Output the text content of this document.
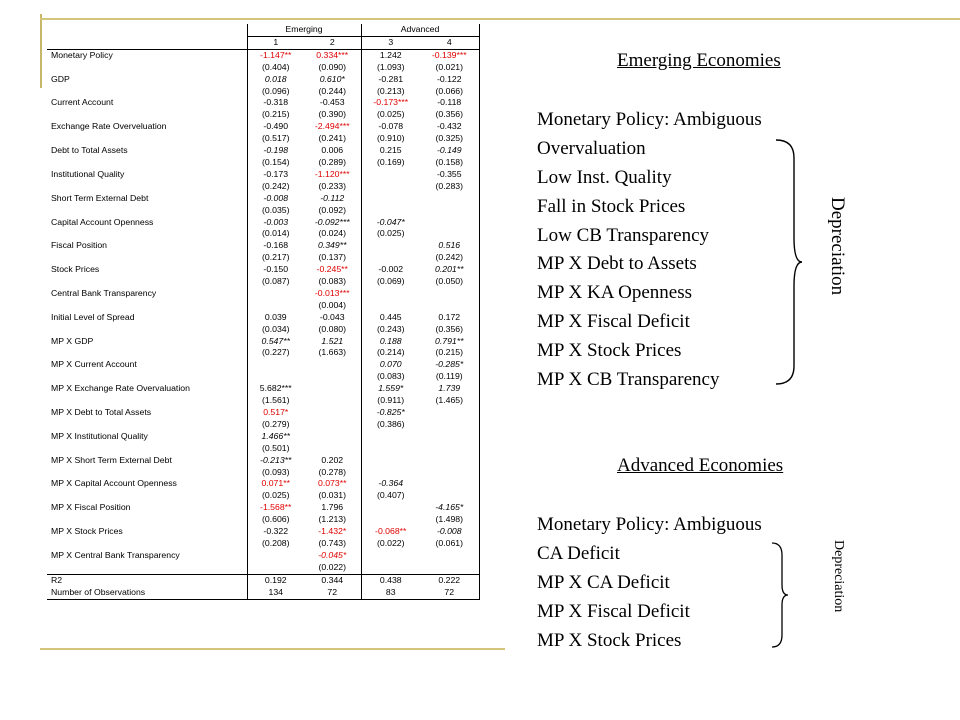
	Emerging		Advanced	
	1	2	3	4
Monetary Policy	-1.147**	0.334***	1.242	-0.139***
	(0.404)	(0.090)	(1.093)	(0.021)
GDP	0.018	0.610*	-0.281	-0.122
	(0.096)	(0.244)	(0.213)	(0.066)
Current Account	-0.318	-0.453	-0.173***	-0.118
	(0.215)	(0.390)	(0.025)	(0.356)
Exchange Rate Overveluation	-0.490	-2.494***	-0.078	-0.432
	(0.517)	(0.241)	(0.910)	(0.325)
Debt to Total Assets	-0.198	0.006	0.215	-0.149
	(0.154)	(0.289)	(0.169)	(0.158)
Institutional Quality	-0.173	-1.120***		-0.355
	(0.242)	(0.233)		(0.283)
Short Term External Debt	-0.008	-0.112		
	(0.035)	(0.092)		
Capital Account Openness	-0.003	-0.092***	-0.047*	
	(0.014)	(0.024)	(0.025)	
Fiscal Position	-0.168	0.349**		0.516
	(0.217)	(0.137)		(0.242)
Stock Prices	-0.150	-0.245**	-0.002	0.201**
	(0.087)	(0.083)	(0.069)	(0.050)
Central Bank Transparency		-0.013***		
		(0.004)		
Initial Level of Spread	0.039	-0.043	0.445	0.172
	(0.034)	(0.080)	(0.243)	(0.356)
MP X GDP	0.547**	1.521	0.188	0.791**
	(0.227)	(1.663)	(0.214)	(0.215)
MP X Current Account			0.070	-0.285*
			(0.083)	(0.119)
MP X Exchange Rate Overvaluation	5.682***		1.559*	1.739
	(1.561)		(0.911)	(1.465)
MP X Debt to Total Assets	0.517*		-0.825*	
	(0.279)		(0.386)	
MP X Institutional Quality	1.466**			
	(0.501)			
MP X Short Term External Debt	-0.213**	0.202		
	(0.093)	(0.278)		
MP X Capital Account Openness	0.071**	0.073**	-0.364	
	(0.025)	(0.031)	(0.407)	
MP X Fiscal Position	-1.568**	1.796		-4.165*
	(0.606)	(1.213)		(1.498)
MP X Stock Prices	-0.322	-1.432*	-0.068**	-0.008
	(0.208)	(0.743)	(0.022)	(0.061)
MP X Central Bank Transparency		-0.045*		
		(0.022)		
R2	0.192	0.344	0.438	0.222
Number of Observations	134	72	83	72
Emerging Economies
Monetary Policy: Ambiguous
Overvaluation
Low Inst. Quality
Fall in Stock Prices
Low CB Transparency
MP X Debt to Assets
MP X KA Openness
MP X Fiscal Deficit
MP X Stock Prices
MP X CB Transparency
Depreciation
Advanced Economies
Monetary Policy: Ambiguous
CA Deficit
MP X CA Deficit
MP X Fiscal Deficit
MP X Stock Prices
Depreciation
